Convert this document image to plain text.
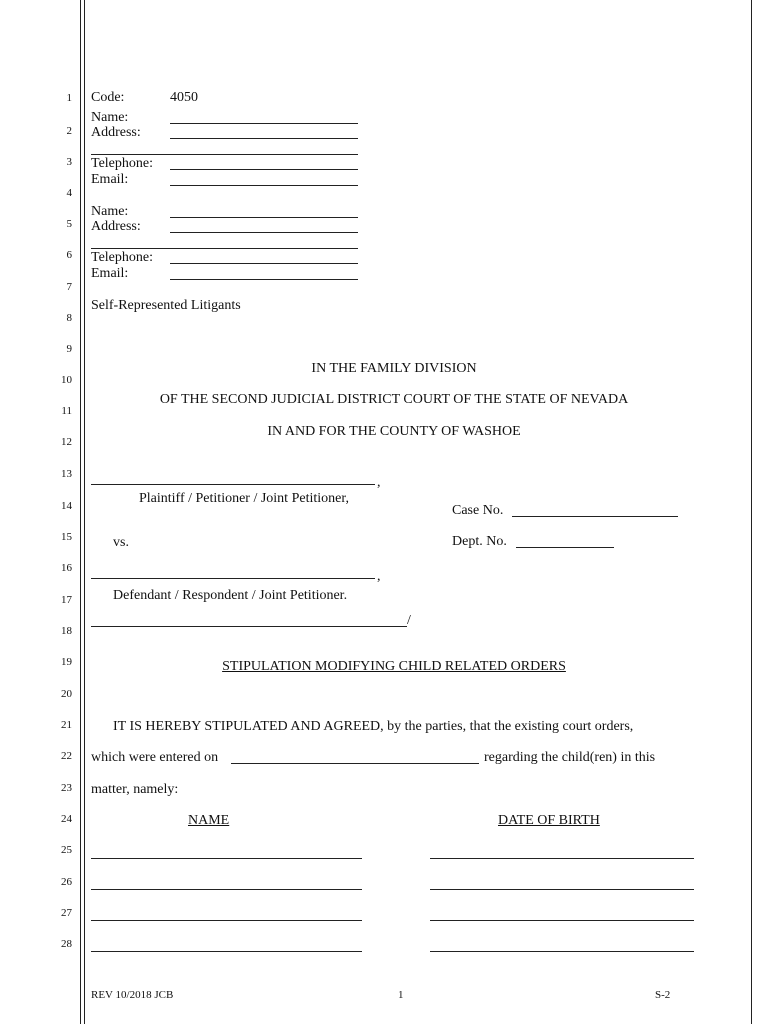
1
2
3
4
5
6
7
8
9
10
11
12
13
14
15
16
17
18
19
20
21
22
23
24
25
26
27
28
Code:	4050
Name:
Address:
Telephone:
Email:
Name:
Address:
Telephone:
Email:
Self-Represented Litigants
IN THE FAMILY DIVISION
OF THE SECOND JUDICIAL DISTRICT COURT OF THE STATE OF NEVADA
IN AND FOR THE COUNTY OF WASHOE
,
Plaintiff / Petitioner / Joint Petitioner,
Case No.
vs.	Dept. No.
,
Defendant / Respondent / Joint Petitioner.
/
STIPULATION MODIFYING CHILD RELATED ORDERS
IT IS HEREBY STIPULATED AND AGREED, by the parties, that the existing court orders,
which were entered on	regarding the child(ren) in this
matter, namely:
NAME	DATE OF BIRTH
REV 10/2018 JCB	1	S-2
